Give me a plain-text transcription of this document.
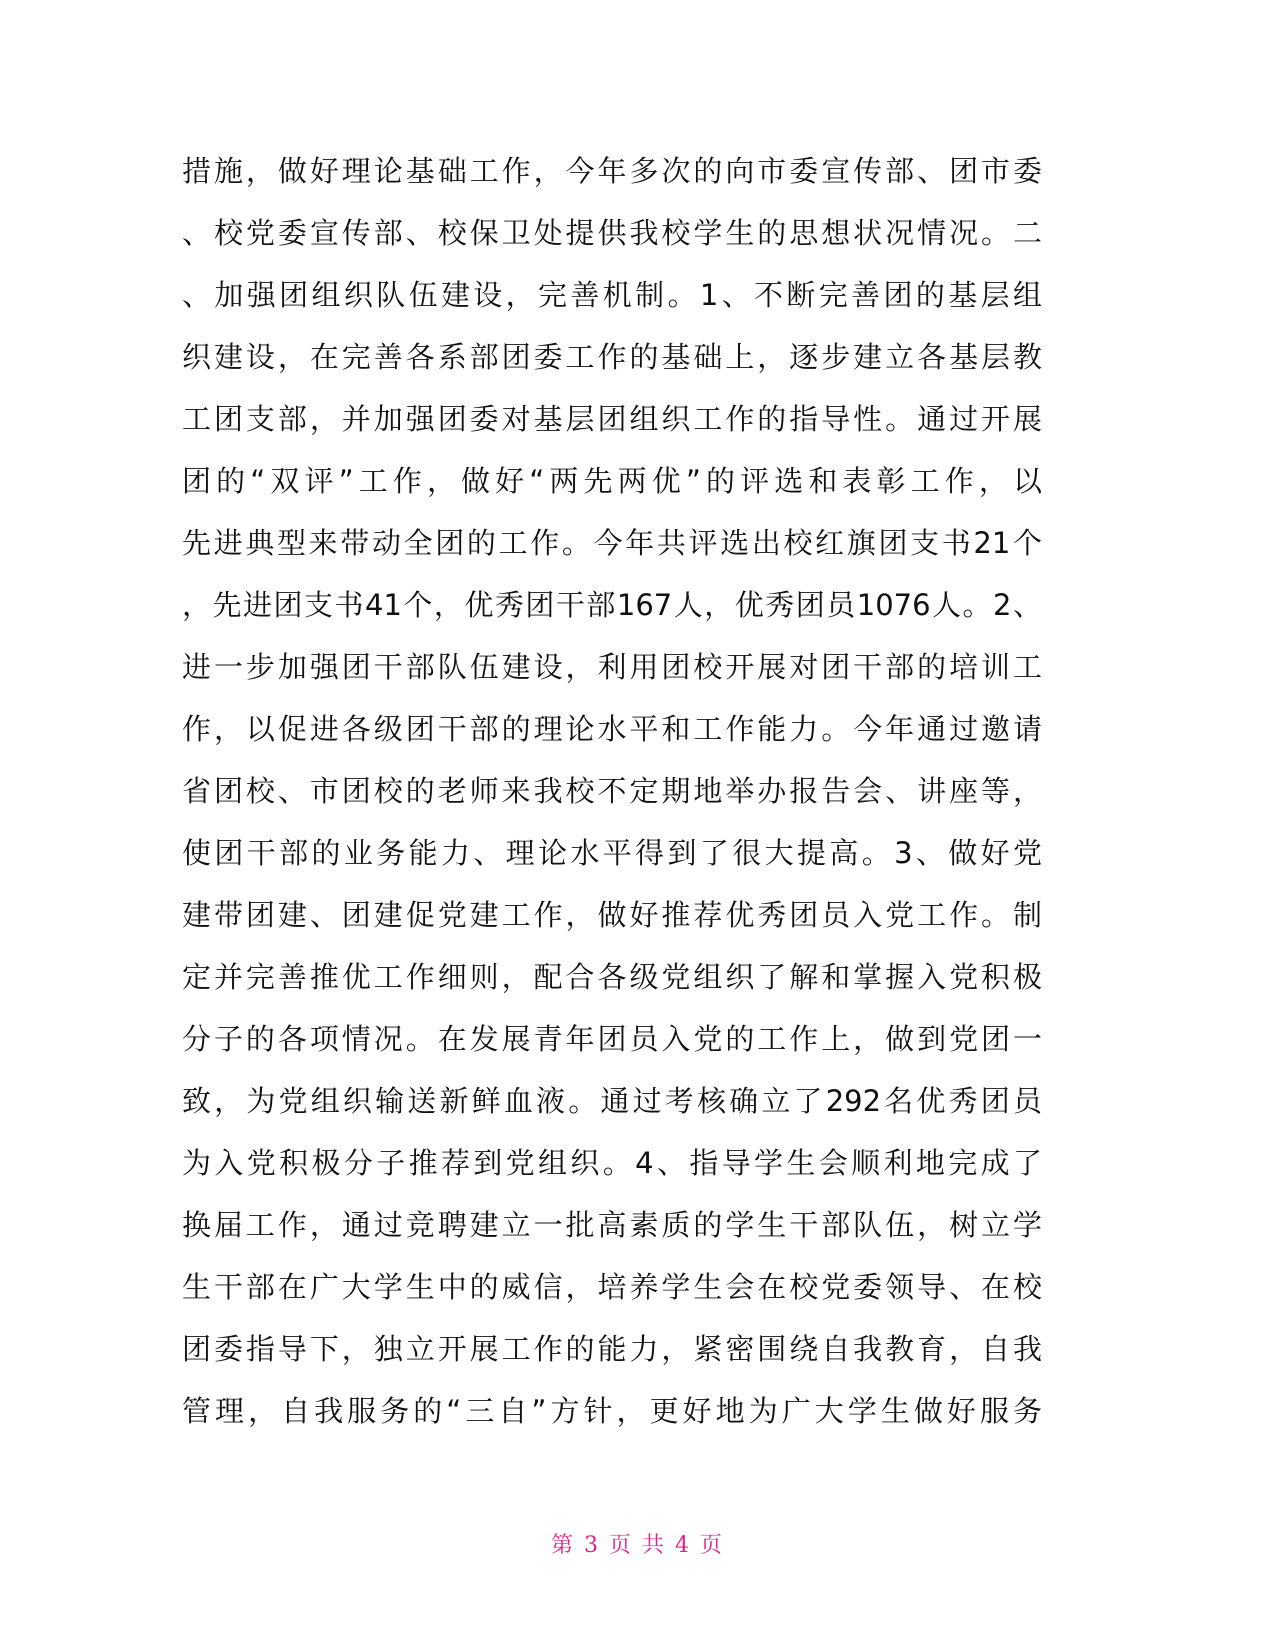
措施，做好理论基础工作，今年多次的向市委宣传部、团市委
、校党委宣传部、校保卫处提供我校学生的思想状况情况。二
、加强团组织队伍建设，完善机制。1、不断完善团的基层组
织建设，在完善各系部团委工作的基础上，逐步建立各基层教
工团支部，并加强团委对基层团组织工作的指导性。通过开展
团的“双评”工作，做好“两先两优”的评选和表彰工作，以
先进典型来带动全团的工作。今年共评选出校红旗团支书21个
，先进团支书41个，优秀团干部167人，优秀团员1076人。2、
进一步加强团干部队伍建设，利用团校开展对团干部的培训工
作，以促进各级团干部的理论水平和工作能力。今年通过邀请
省团校、市团校的老师来我校不定期地举办报告会、讲座等，
使团干部的业务能力、理论水平得到了很大提高。3、做好党
建带团建、团建促党建工作，做好推荐优秀团员入党工作。制
定并完善推优工作细则，配合各级党组织了解和掌握入党积极
分子的各项情况。在发展青年团员入党的工作上，做到党团一
致，为党组织输送新鲜血液。通过考核确立了292名优秀团员
为入党积极分子推荐到党组织。4、指导学生会顺利地完成了
换届工作，通过竞聘建立一批高素质的学生干部队伍，树立学
生干部在广大学生中的威信，培养学生会在校党委领导、在校
团委指导下，独立开展工作的能力，紧密围绕自我教育，自我
管理，自我服务的“三自”方针，更好地为广大学生做好服务
第 3 页 共 4 页
